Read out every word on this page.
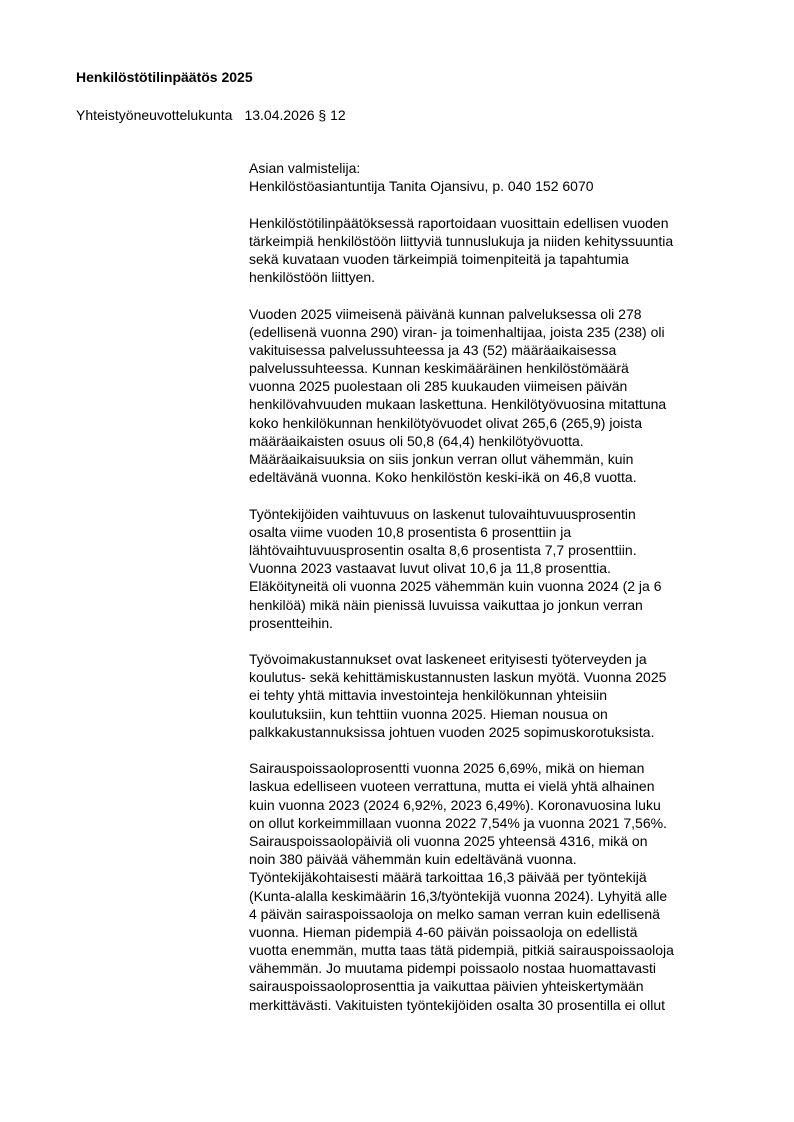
Henkilöstötilinpäätös 2025
Yhteistyöneuvottelukunta 13.04.2026 § 12
Asian valmistelija:
Henkilöstöasiantuntija Tanita Ojansivu, p. 040 152 6070
Henkilöstötilinpäätöksessä raportoidaan vuosittain edellisen vuoden
tärkeimpiä henkilöstöön liittyviä tunnuslukuja ja niiden kehityssuuntia
sekä kuvataan vuoden tärkeimpiä toimenpiteitä ja tapahtumia
henkilöstöön liittyen.
Vuoden 2025 viimeisenä päivänä kunnan palveluksessa oli 278
(edellisenä vuonna 290) viran- ja toimenhaltijaa, joista 235 (238) oli
vakituisessa palvelussuhteessa ja 43 (52) määräaikaisessa
palvelussuhteessa. Kunnan keskimääräinen henkilöstömäärä
vuonna 2025 puolestaan oli 285 kuukauden viimeisen päivän
henkilövahvuuden mukaan laskettuna. Henkilötyövuosina mitattuna
koko henkilökunnan henkilötyövuodet olivat 265,6 (265,9) joista
määräaikaisten osuus oli 50,8 (64,4) henkilötyövuotta.
Määräaikaisuuksia on siis jonkun verran ollut vähemmän, kuin
edeltävänä vuonna. Koko henkilöstön keski-ikä on 46,8 vuotta.
Työntekijöiden vaihtuvuus on laskenut tulovaihtuvuusprosentin
osalta viime vuoden 10,8 prosentista 6 prosenttiin ja
lähtövaihtuvuusprosentin osalta 8,6 prosentista 7,7 prosenttiin.
Vuonna 2023 vastaavat luvut olivat 10,6 ja 11,8 prosenttia.
Eläköityneitä oli vuonna 2025 vähemmän kuin vuonna 2024 (2 ja 6
henkilöä) mikä näin pienissä luvuissa vaikuttaa jo jonkun verran
prosentteihin.
Työvoimakustannukset ovat laskeneet erityisesti työterveyden ja
koulutus- sekä kehittämiskustannusten laskun myötä. Vuonna 2025
ei tehty yhtä mittavia investointeja henkilökunnan yhteisiin
koulutuksiin, kun tehttiin vuonna 2025. Hieman nousua on
palkkakustannuksissa johtuen vuoden 2025 sopimuskorotuksista.
Sairauspoissaoloprosentti vuonna 2025 6,69%, mikä on hieman
laskua edelliseen vuoteen verrattuna, mutta ei vielä yhtä alhainen
kuin vuonna 2023 (2024 6,92%, 2023 6,49%). Koronavuosina luku
on ollut korkeimmillaan vuonna 2022 7,54% ja vuonna 2021 7,56%.
Sairauspoissaolopäiviä oli vuonna 2025 yhteensä 4316, mikä on
noin 380 päivää vähemmän kuin edeltävänä vuonna.
Työntekijäkohtaisesti määrä tarkoittaa 16,3 päivää per työntekijä
(Kunta-alalla keskimäärin 16,3/työntekijä vuonna 2024). Lyhyitä alle
4 päivän sairaspoissaoloja on melko saman verran kuin edellisenä
vuonna. Hieman pidempiä 4-60 päivän poissaoloja on edellistä
vuotta enemmän, mutta taas tätä pidempiä, pitkiä sairauspoissaoloja
vähemmän. Jo muutama pidempi poissaolo nostaa huomattavasti
sairauspoissaoloprosenttia ja vaikuttaa päivien yhteiskertymään
merkittävästi. Vakituisten työntekijöiden osalta 30 prosentilla ei ollut
